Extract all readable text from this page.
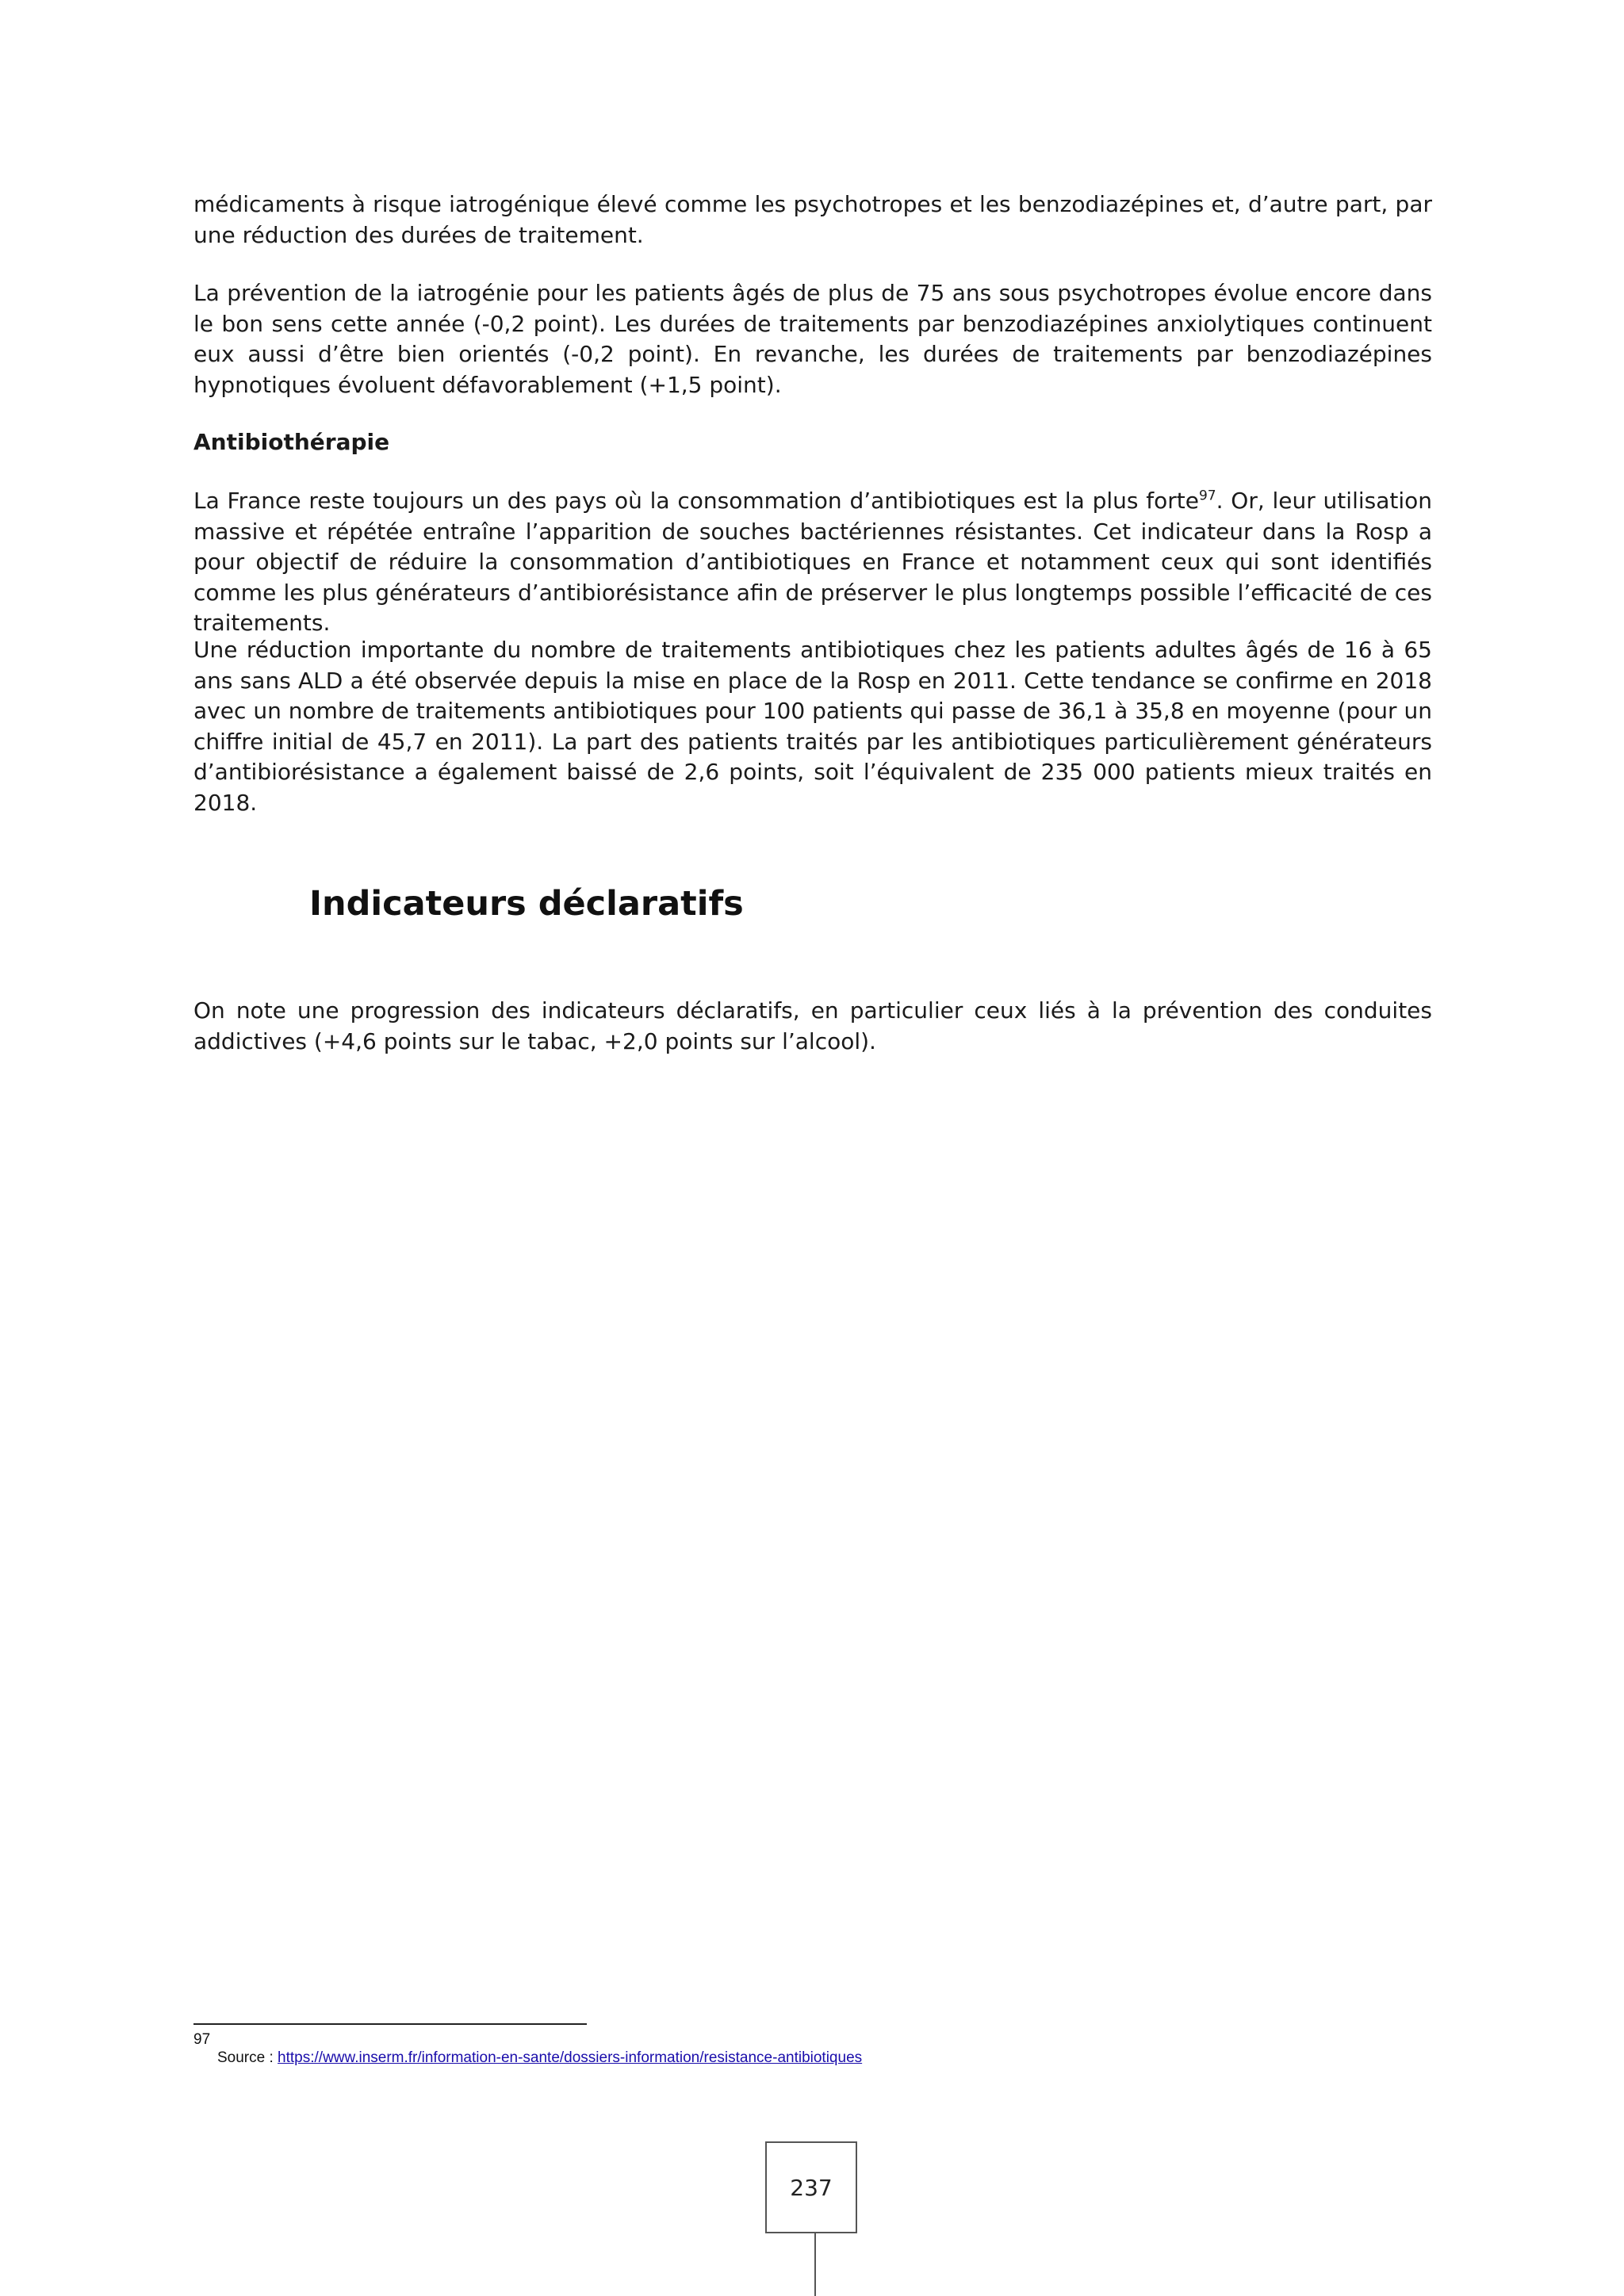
médicaments à risque iatrogénique élevé comme les psychotropes et les benzodiazépines et, d’autre part, par une réduction des durées de traitement.

La prévention de la iatrogénie pour les patients âgés de plus de 75 ans sous psychotropes évolue encore dans le bon sens cette année (-0,2 point). Les durées de traitements par benzodiazépines anxiolytiques continuent eux aussi d’être bien orientés (-0,2 point). En revanche, les durées de traitements par benzodiazépines hypnotiques évoluent défavorablement (+1,5 point).

Antibiothérapie

La France reste toujours un des pays où la consommation d’antibiotiques est la plus forte$^{97}$. Or, leur utilisation massive et répétée entraîne l’apparition de souches bactériennes résistantes. Cet indicateur dans la Rosp a pour objectif de réduire la consommation d’antibiotiques en France et notamment ceux qui sont identifiés comme les plus générateurs d’antibiorésistance afin de préserver le plus longtemps possible l’efficacité de ces traitements.

Une réduction importante du nombre de traitements antibiotiques chez les patients adultes âgés de 16 à 65 ans sans ALD a été observée depuis la mise en place de la Rosp en 2011. Cette tendance se confirme en 2018 avec un nombre de traitements antibiotiques pour 100 patients qui passe de 36,1 à 35,8 en moyenne (pour un chiffre initial de 45,7 en 2011). La part des patients traités par les antibiotiques particulièrement générateurs d’antibiorésistance a également baissé de 2,6 points, soit l’équivalent de 235 000 patients mieux traités en 2018.

Indicateurs déclaratifs

On note une progression des indicateurs déclaratifs, en particulier ceux liés à la prévention des conduites addictives (+4,6 points sur le tabac, +2,0 points sur l’alcool).

97
Source : https://www.inserm.fr/information-en-sante/dossiers-information/resistance-antibiotiques
237
